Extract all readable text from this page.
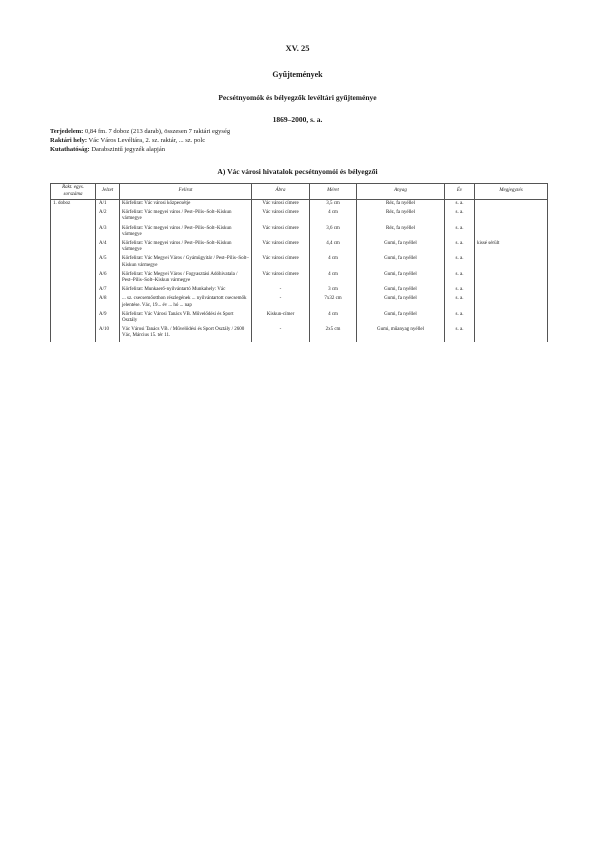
XV. 25
Gyűjtemények
Pecsétnyomók és bélyegzők levéltári gyűjteménye
1869–2000, s. a.
Terjedelem: 0,84 fm. 7 doboz (213 darab), összesen 7 raktári egység
Raktári hely: Vác Város Levéltára, 2. sz. raktár, ... sz. polc
Kutathatóság: Darabszintű jegyzék alapján
A) Vác városi hivatalok pecsétnyomói és bélyegzői
Rakt. egys. sorszáma	Jelzet	Felirat	Ábra	Méret	Anyag	Év	Megjegyzés
1. doboz	A/1	Körfelirat: Vác városi közpecsétje	Vác városi címere	3,5 cm	Réz, fa nyéllel	s. a.	
	A/2	Körfelirat: Vác megyei város / Pest–Pilis–Solt–Kiskun vármegye	Vác városi címere	4 cm	Réz, fa nyéllel	s. a.	
	A/3	Körfelirat: Vác megyei város / Pest–Pilis–Solt–Kiskun vármegye	Vác városi címere	3,6 cm	Réz, fa nyéllel	s. a.	
	A/4	Körfelirat: Vác megyei város / Pest–Pilis–Solt–Kiskun vármegye	Vác városi címere	4,4 cm	Gumi, fa nyéllel	s. a.	kissé sérült
	A/5	Körfelirat: Vác Megyei Város / Gyámügyitár / Pest–Pilis–Solt–Kiskun vármegye	Vác városi címere	4 cm	Gumi, fa nyéllel	s. a.	
	A/6	Körfelirat: Vác Megyei Város / Fogyasztási Adóhivatala / Pest–Pilis–Solt–Kiskun vármegye	Vác városi címere	4 cm	Gumi, fa nyéllel	s. a.	
	A/7	Körfelirat: Munkaerő-nyilvántartó Munkahely: Vác	-	3 cm	Gumi, fa nyéllel	s. a.	
	A/8	... sz. csecsemőotthon részlegének ... nyilvántartott csecsemők jelentése. Vác, 19... év ... hó ... nap	-	7x32 cm	Gumi, fa nyéllel	s. a.	
	A/9	Körfelirat: Vác Városi Tanács VB. Művelődési és Sport Osztály	Kiskun-címer	4 cm	Gumi, fa nyéllel	s. a.	
	A/10	Vác Városi Tanács VB. / Művelődési és Sport Osztály / 2600 Vác, Március 15. tér 11.	-	2x5 cm	Gumi, műanyag nyéllel	s. a.	
